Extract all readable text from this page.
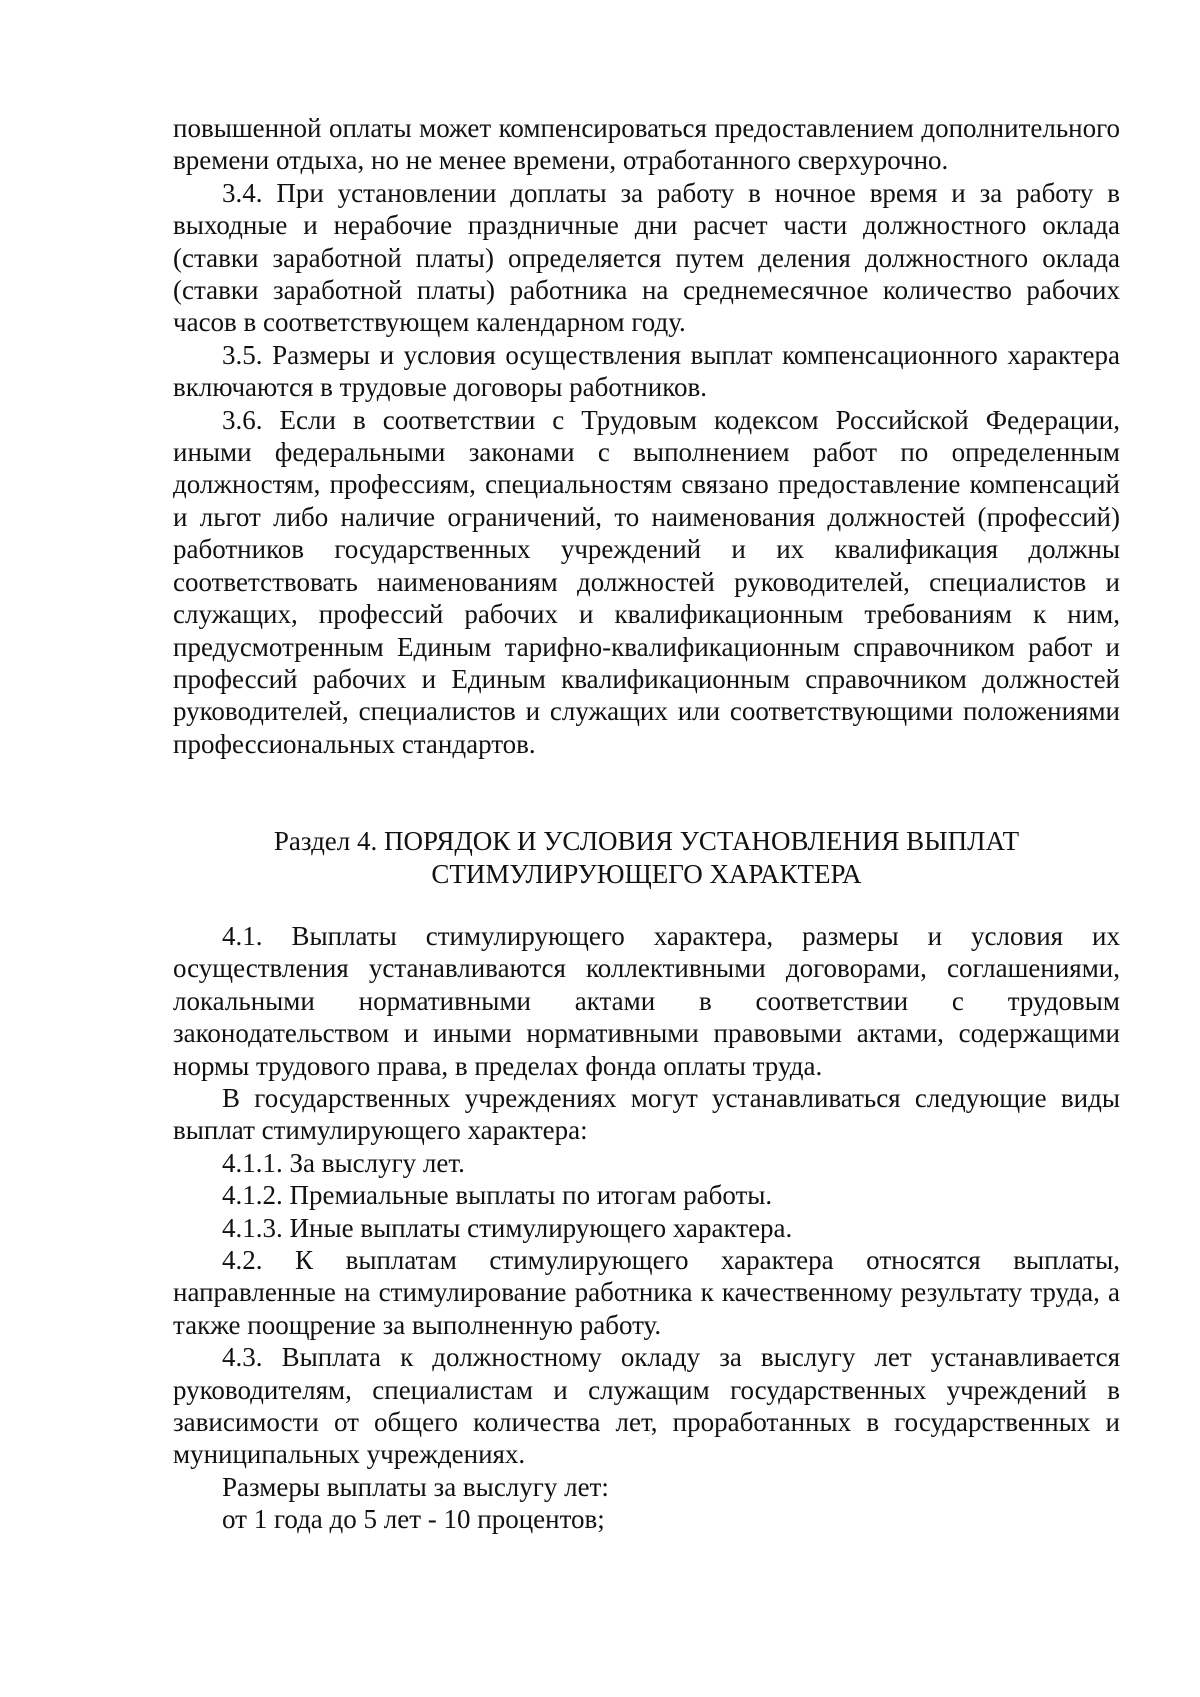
повышенной оплаты может компенсироваться предоставлением дополнительного времени отдыха, но не менее времени, отработанного сверхурочно.

3.4. При установлении доплаты за работу в ночное время и за работу в выходные и нерабочие праздничные дни расчет части должностного оклада (ставки заработной платы) определяется путем деления должностного оклада (ставки заработной платы) работника на среднемесячное количество рабочих часов в соответствующем календарном году.

3.5. Размеры и условия осуществления выплат компенсационного характера включаются в трудовые договоры работников.

3.6. Если в соответствии с Трудовым кодексом Российской Федерации, иными федеральными законами с выполнением работ по определенным должностям, профессиям, специальностям связано предоставление компенсаций и льгот либо наличие ограничений, то наименования должностей (профессий) работников государственных учреждений и их квалификация должны соответствовать наименованиям должностей руководителей, специалистов и служащих, профессий рабочих и квалификационным требованиям к ним, предусмотренным Единым тарифно-квалификационным справочником работ и профессий рабочих и Единым квалификационным справочником должностей руководителей, специалистов и служащих или соответствующими положениями профессиональных стандартов.

Раздел 4. ПОРЯДОК И УСЛОВИЯ УСТАНОВЛЕНИЯ ВЫПЛАТ

СТИМУЛИРУЮЩЕГО ХАРАКТЕРА

4.1. Выплаты стимулирующего характера, размеры и условия их осуществления устанавливаются коллективными договорами, соглашениями, локальными нормативными актами в соответствии с трудовым законодательством и иными нормативными правовыми актами, содержащими нормы трудового права, в пределах фонда оплаты труда.

В государственных учреждениях могут устанавливаться следующие виды выплат стимулирующего характера:

4.1.1. За выслугу лет.

4.1.2. Премиальные выплаты по итогам работы.

4.1.3. Иные выплаты стимулирующего характера.

4.2. К выплатам стимулирующего характера относятся выплаты, направленные на стимулирование работника к качественному результату труда, а также поощрение за выполненную работу.

4.3. Выплата к должностному окладу за выслугу лет устанавливается руководителям, специалистам и служащим государственных учреждений в зависимости от общего количества лет, проработанных в государственных и муниципальных учреждениях.

Размеры выплаты за выслугу лет:

от 1 года до 5 лет - 10 процентов;
